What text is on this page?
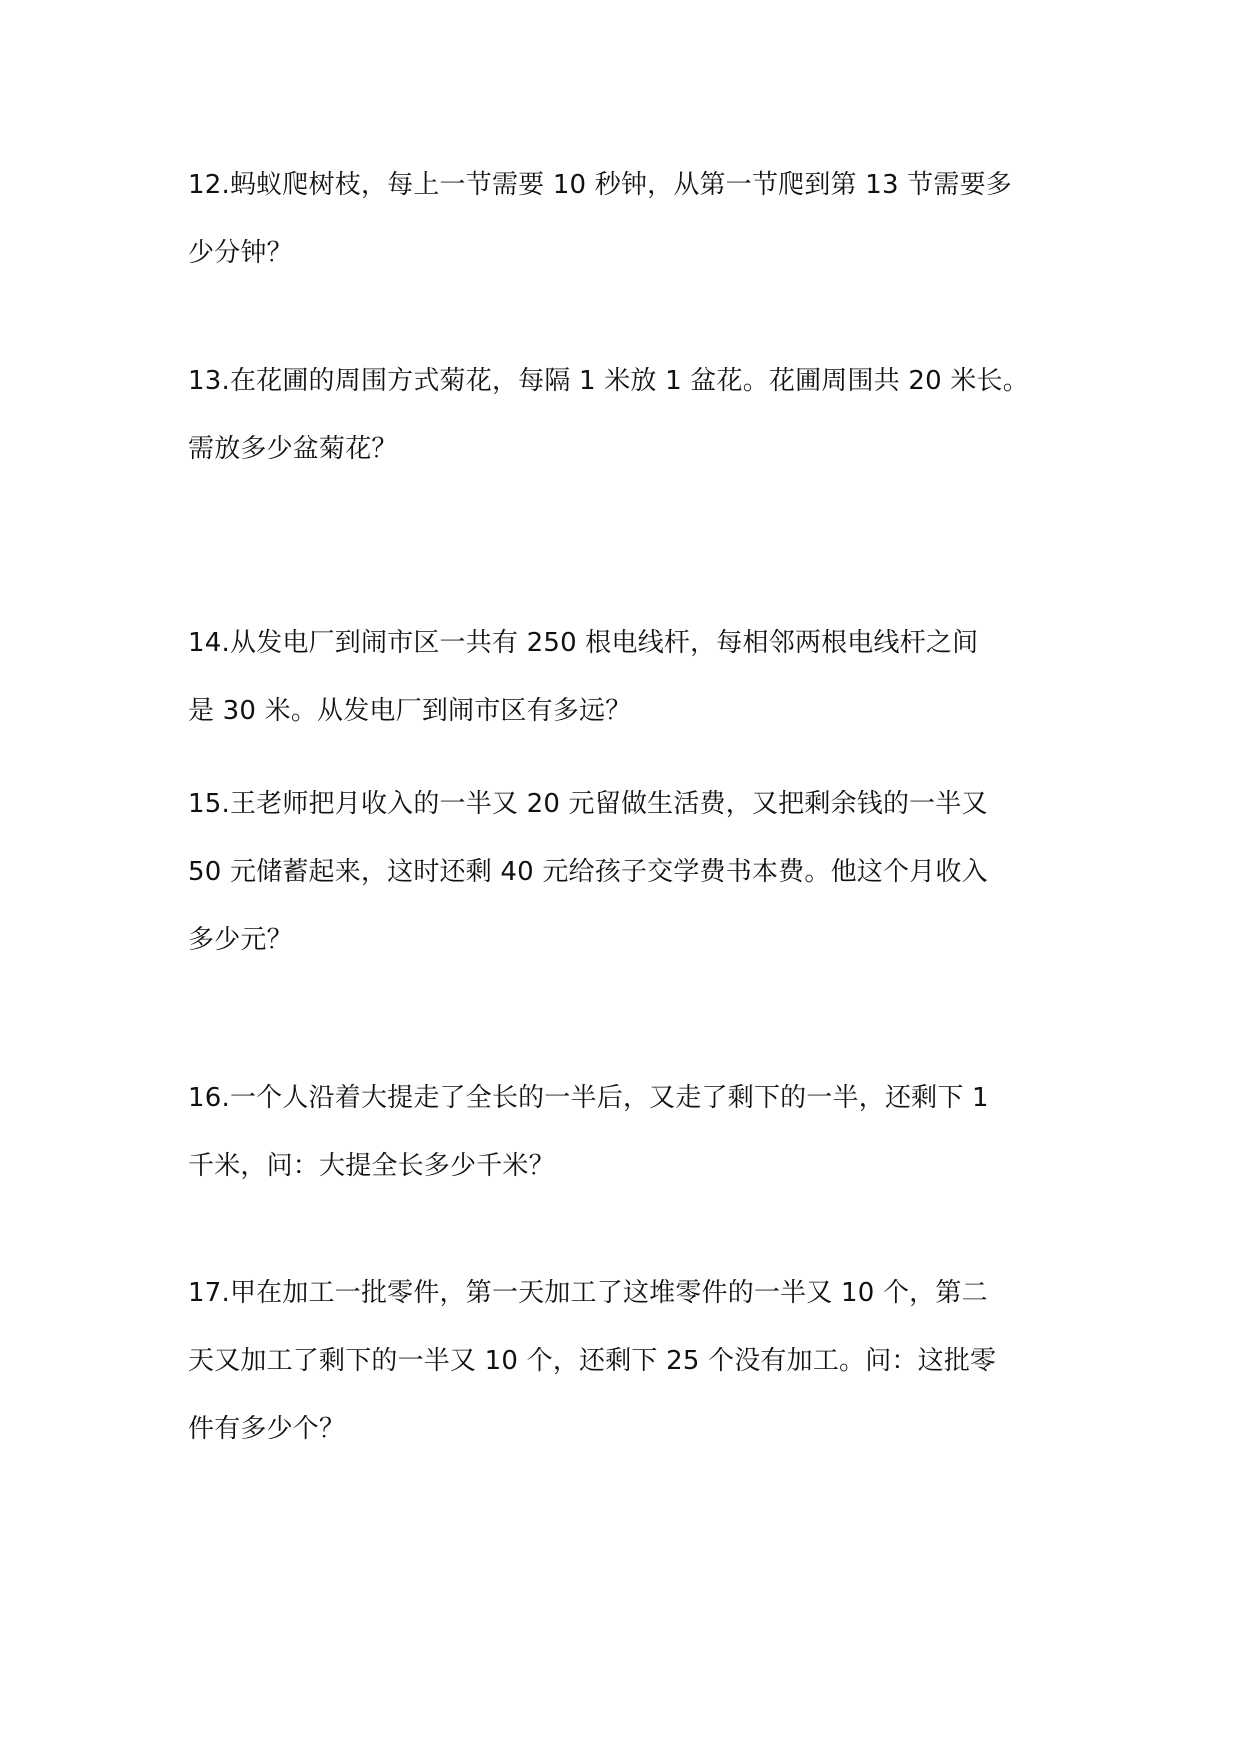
12.蚂蚁爬树枝，每上一节需要 10 秒钟，从第一节爬到第 13 节需要多
少分钟？
13.在花圃的周围方式菊花，每隔 1 米放 1 盆花。花圃周围共 20 米长。
需放多少盆菊花？
14.从发电厂到闹市区一共有 250 根电线杆，每相邻两根电线杆之间
是 30 米。从发电厂到闹市区有多远？
15.王老师把月收入的一半又 20 元留做生活费，又把剩余钱的一半又
50 元储蓄起来，这时还剩 40 元给孩子交学费书本费。他这个月收入
多少元？
16.一个人沿着大提走了全长的一半后，又走了剩下的一半，还剩下 1
千米，问：大提全长多少千米？
17.甲在加工一批零件，第一天加工了这堆零件的一半又 10 个，第二
天又加工了剩下的一半又 10 个，还剩下 25 个没有加工。问：这批零
件有多少个？
